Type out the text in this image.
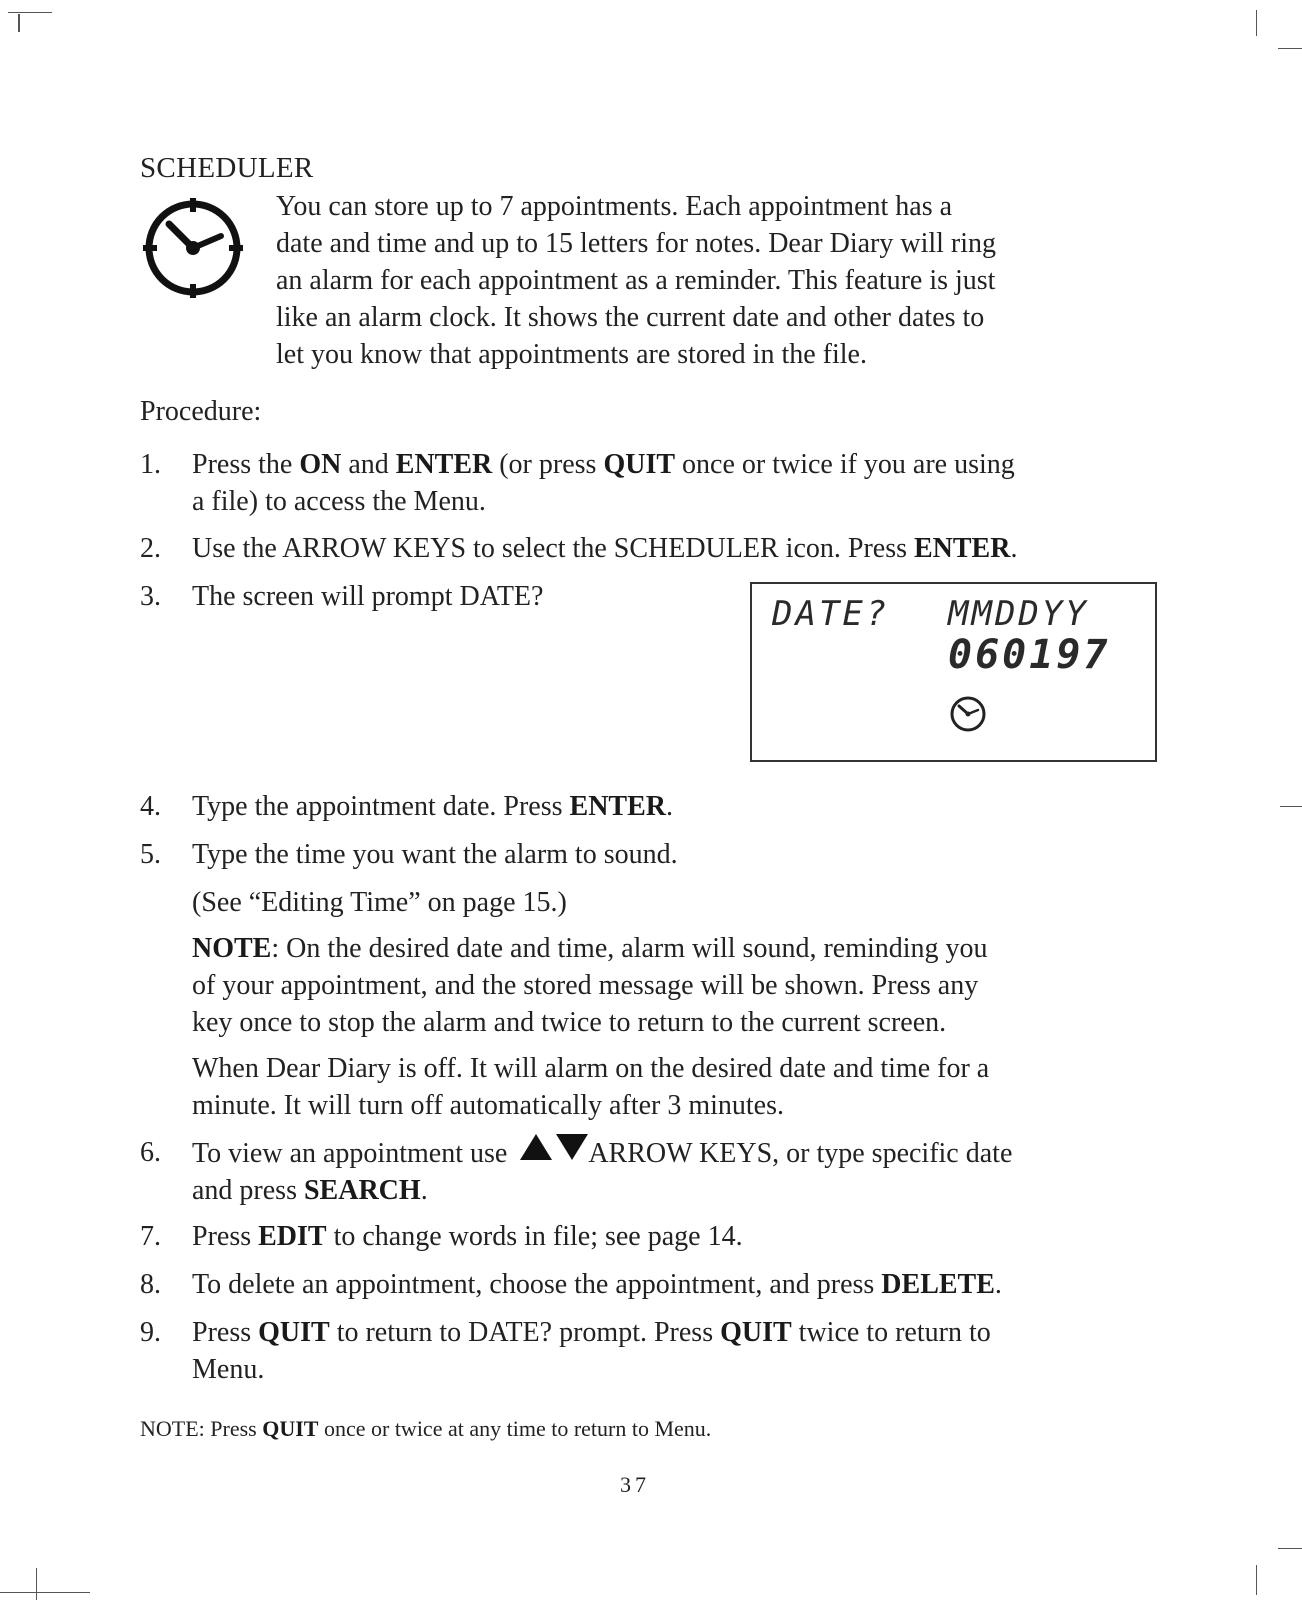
SCHEDULER
You can store up to 7 appointments. Each appointment has a
date and time and up to 15 letters for notes. Dear Diary will ring
an alarm for each appointment as a reminder. This feature is just
like an alarm clock. It shows the current date and other dates to
let you know that appointments are stored in the file.
Procedure:
1.	Press the ON and ENTER (or press QUIT once or twice if you are using
a file) to access the Menu.
2.	Use the ARROW KEYS to select the SCHEDULER icon. Press ENTER.
3.	The screen will prompt DATE?	DATE? MMDDYY
060197
4.	Type the appointment date. Press ENTER.
5.	Type the time you want the alarm to sound.
(See “Editing Time” on page 15.)
NOTE: On the desired date and time, alarm will sound, reminding you
of your appointment, and the stored message will be shown. Press any
key once to stop the alarm and twice to return to the current screen.
When Dear Diary is off. It will alarm on the desired date and time for a
minute. It will turn off automatically after 3 minutes.
6.	To view an appointment use	ARROW KEYS, or type specific date
and press SEARCH.
7.	Press EDIT to change words in file; see page 14.
8.	To delete an appointment, choose the appointment, and press DELETE.
9.	Press QUIT to return to DATE? prompt. Press QUIT twice to return to
Menu.
NOTE: Press QUIT once or twice at any time to return to Menu.
37
